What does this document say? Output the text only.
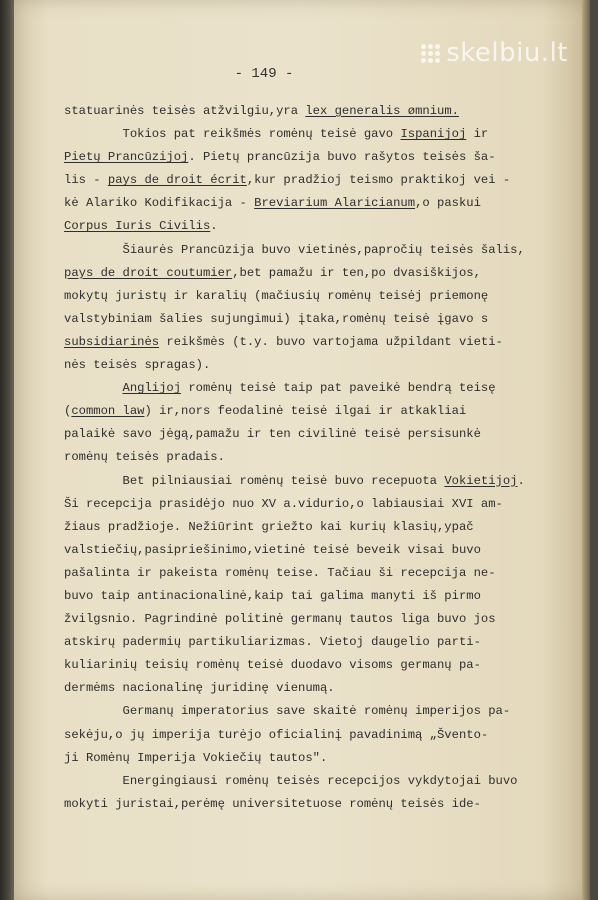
skelbiu.lt
- 149 -
statuarinės teisės atžvilgiu,yra lex generalis ømnium.
Tokios pat reikšmės romėnų teisė gavo Ispanijoj ir
Pietų Prancūzijoj. Pietų prancūzija buvo rašytos teisės ša-
lis - pays de droit écrit,kur pradžioj teismo praktikoj vei -
kė Alariko Kodifikacija - Breviarium Alaricianum,o paskui
Corpus Iuris Civilis.
Šiaurės Prancūzija buvo vietinės,papročių teisės šalis,
pays de droit coutumier,bet pamažu ir ten,po dvasiškijos,
mokytų juristų ir karalių (mačiusių romėnų teisėj priemonę
valstybiniam šalies sujungimui) įtaka,romėnų teisė įgavo s
subsidiarinės reikšmės (t.y. buvo vartojama užpildant vieti-
nės teisės spragas).
Anglijoj romėnų teisė taip pat paveikė bendrą teisę
(common law) ir,nors feodalinė teisė ilgai ir atkakliai
palaikė savo jėgą,pamažu ir ten civilinė teisė persisunkė
romėnų teisės pradais.
Bet pilniausiai romėnų teisė buvo recepuota Vokietijoj.
Ši recepcija prasidėjo nuo XV a.vidurio,o labiausiai XVI am-
žiaus pradžioje. Nežiūrint griežto kai kurių klasių,ypač
valstiečių,pasipriešinimo,vietinė teisė beveik visai buvo
pašalinta ir pakeista romėnų teise. Tačiau ši recepcija ne-
buvo taip antinacionalinė,kaip tai galima manyti iš pirmo
žvilgsnio. Pagrindinė politinė germanų tautos liga buvo jos
atskirų padermių partikuliarizmas. Vietoj daugelio parti-
kuliarinių teisių romėnų teisė duodavo visoms germanų pa-
dermėms nacionalinę juridinę vienumą.
Germanų imperatorius save skaitė romėnų imperijos pa-
sekėju,o jų imperija turėjo oficialinį pavadinimą „Švento-
ji Romėnų Imperija Vokiečių tautos".
Energingiausi romėnų teisės recepcijos vykdytojai buvo
mokyti juristai,perėmę universitetuose romėnų teisės ide-
